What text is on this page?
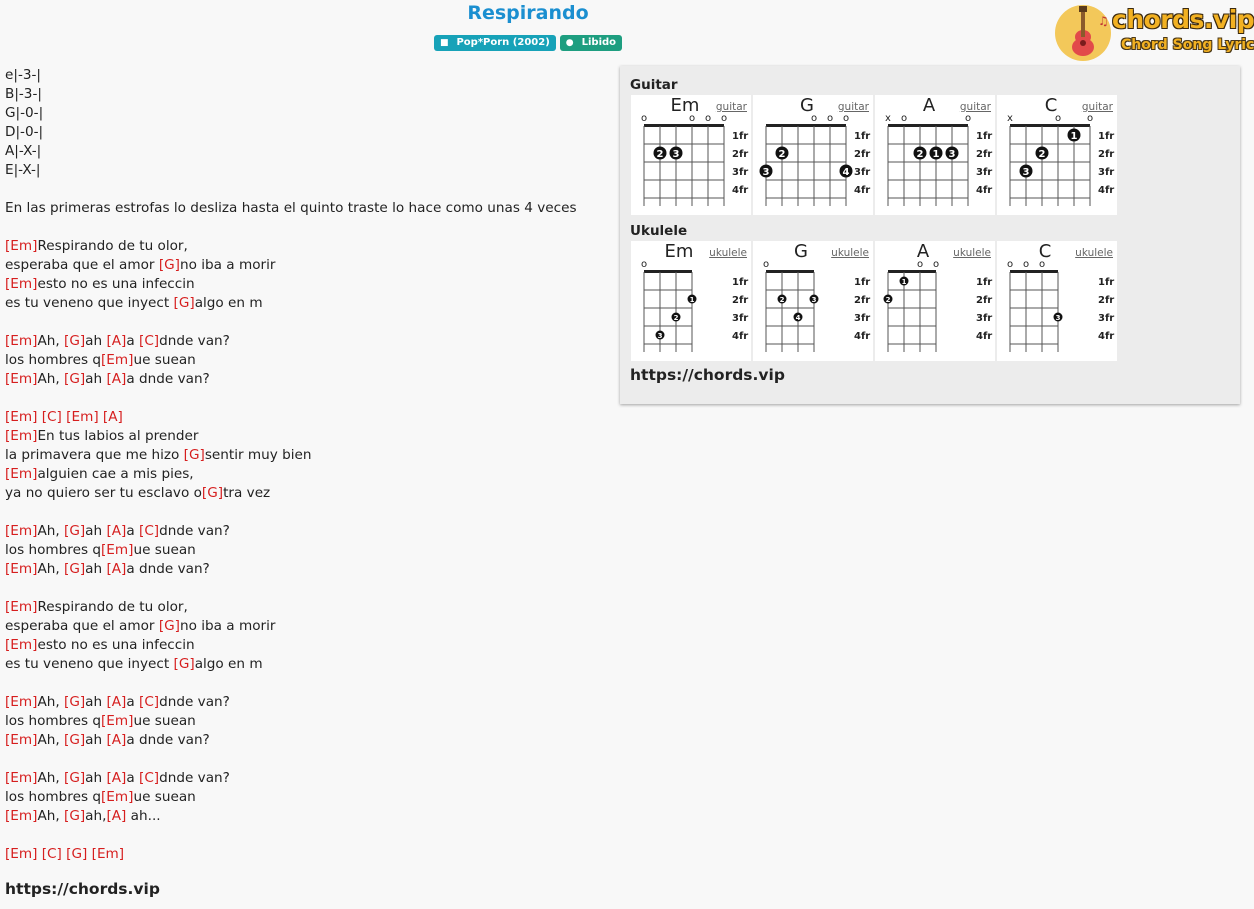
Respirando
■ Pop*Porn (2002) ● Libido
♫ chords.vip
Chord Song Lyric
e|-3-|
B|-3-|
G|-0-|
D|-0-|
A|-X-|
E|-X-|
En las primeras estrofas lo desliza hasta el quinto traste lo hace como unas 4 veces
[Em]Respirando de tu olor,
esperaba que el amor [G]no iba a morir
[Em]esto no es una infeccin
es tu veneno que inyect [G]algo en m
[Em]Ah, [G]ah [A]a [C]dnde van?
los hombres q[Em]ue suean
[Em]Ah, [G]ah [A]a dnde van?
[Em] [C] [Em] [A]
[Em]En tus labios al prender
la primavera que me hizo [G]sentir muy bien
[Em]alguien cae a mis pies,
ya no quiero ser tu esclavo o[G]tra vez
[Em]Ah, [G]ah [A]a [C]dnde van?
los hombres q[Em]ue suean
[Em]Ah, [G]ah [A]a dnde van?
[Em]Respirando de tu olor,
esperaba que el amor [G]no iba a morir
[Em]esto no es una infeccin
es tu veneno que inyect [G]algo en m
[Em]Ah, [G]ah [A]a [C]dnde van?
los hombres q[Em]ue suean
[Em]Ah, [G]ah [A]a dnde van?
[Em]Ah, [G]ah [A]a [C]dnde van?
los hombres q[Em]ue suean
[Em]Ah, [G]ah,[A] ah...
[Em] [C] [G] [Em]
https://chords.vip
Guitar
o	o o o
1fr
2fr
3fr
4fr
2 3
Em	guitar
o o o
1fr
2fr
3fr
4fr
2
3	4
G	guitar
x o	o
1fr
2fr
3fr
4fr
2 1 3
A	guitar
x	o	o
1fr
2fr
3fr
4fr
1
2
3
C	guitar
Ukulele
o
1fr
2fr
3fr
4fr
1
2
3
Em	ukulele
o
1fr
2fr
3fr
4fr
2	3
4
G	ukulele
o o
1fr
2fr
3fr
4fr
2
1
A	ukulele
o o o
1fr
2fr
3fr
4fr
3
C	ukulele
https://chords.vip
